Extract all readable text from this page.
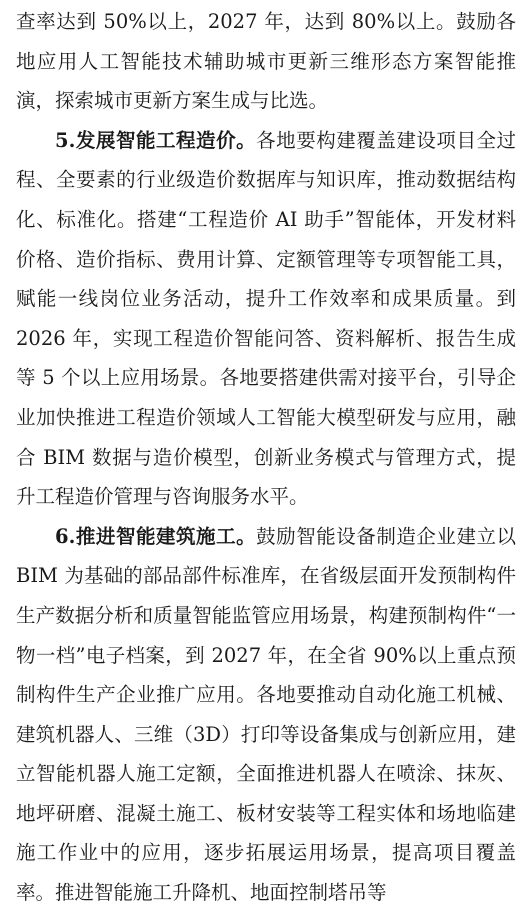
查率达到 50%以上，2027 年，达到 80%以上。鼓励各地应用人工智能技术辅助城市更新三维形态方案智能推演，探索城市更新方案生成与比选。

5.发展智能工程造价。各地要构建覆盖建设项目全过程、全要素的行业级造价数据库与知识库，推动数据结构化、标准化。搭建“工程造价 AI 助手”智能体，开发材料价格、造价指标、费用计算、定额管理等专项智能工具，赋能一线岗位业务活动，提升工作效率和成果质量。到 2026 年，实现工程造价智能问答、资料解析、报告生成等 5 个以上应用场景。各地要搭建供需对接平台，引导企业加快推进工程造价领域人工智能大模型研发与应用，融合 BIM 数据与造价模型，创新业务模式与管理方式，提升工程造价管理与咨询服务水平。

6.推进智能建筑施工。鼓励智能设备制造企业建立以 BIM 为基础的部品部件标准库，在省级层面开发预制构件生产数据分析和质量智能监管应用场景，构建预制构件“一物一档”电子档案，到 2027 年，在全省 90%以上重点预制构件生产企业推广应用。各地要推动自动化施工机械、建筑机器人、三维（3D）打印等设备集成与创新应用，建立智能机器人施工定额，全面推进机器人在喷涂、抹灰、地坪研磨、混凝土施工、板材安装等工程实体和场地临建施工作业中的应用，逐步拓展运用场景，提高项目覆盖率。推进智能施工升降机、地面控制塔吊等
